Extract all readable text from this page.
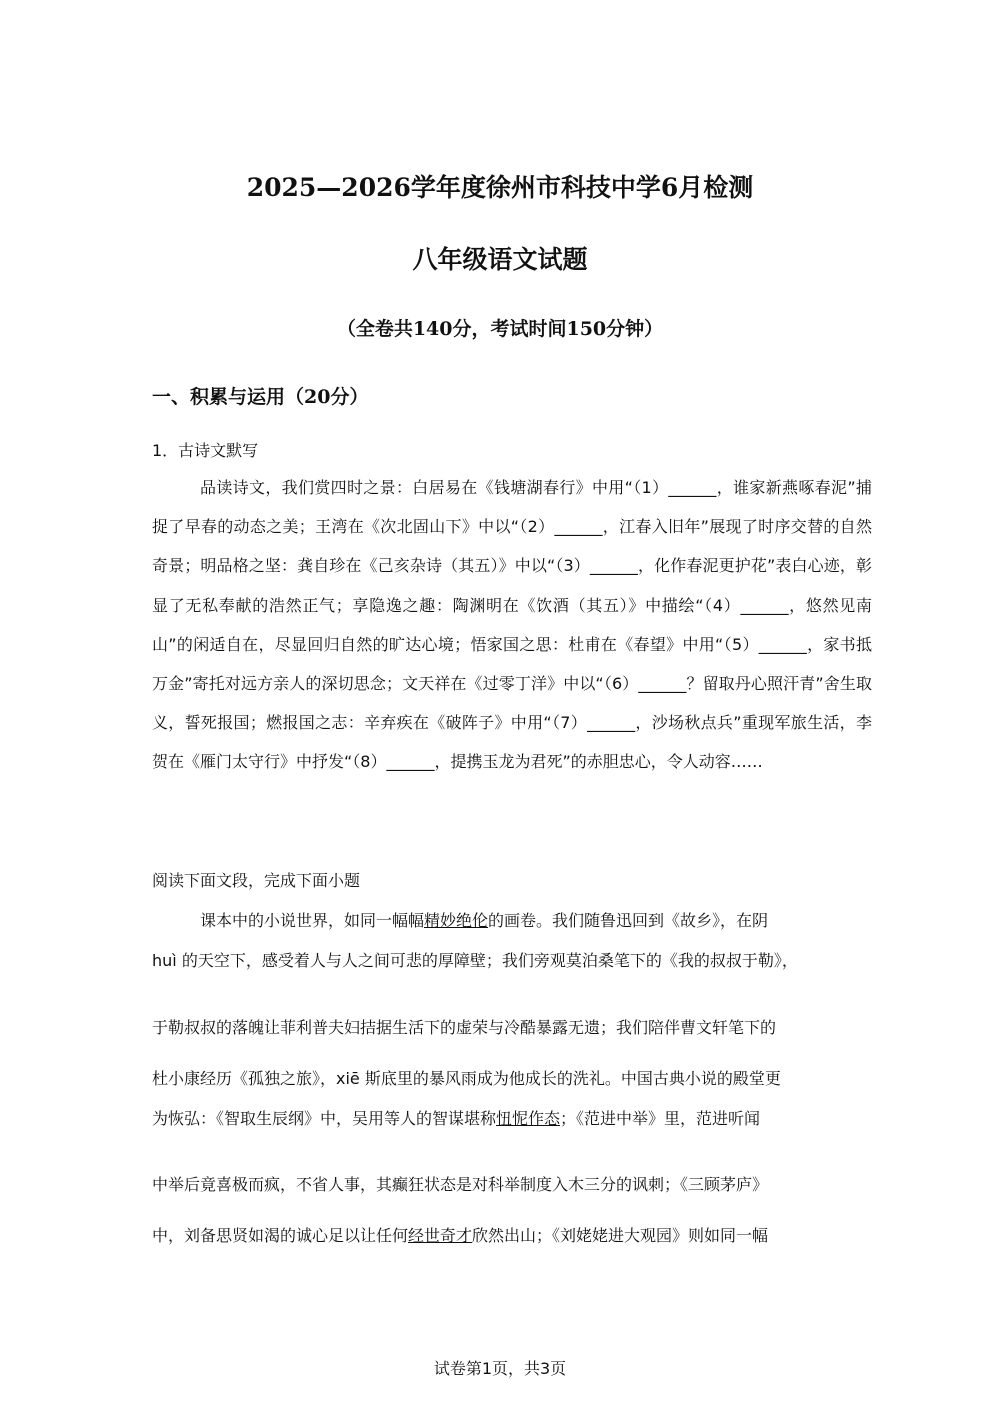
2025—2026学年度徐州市科技中学6月检测
八年级语文试题
（全卷共140分，考试时间150分钟）
一、积累与运用（20分）
1．古诗文默写

品读诗文，我们赏四时之景：白居易在《钱塘湖春行》中用“（1）______，谁家新燕啄春泥”捕捉了早春的动态之美；王湾在《次北固山下》中以“（2）______，江春入旧年”展现了时序交替的自然奇景；明品格之坚：龚自珍在《己亥杂诗（其五）》中以“（3）______，化作春泥更护花”表白心迹，彰显了无私奉献的浩然正气；享隐逸之趣：陶渊明在《饮酒（其五）》中描绘“（4）______，悠然见南山”的闲适自在，尽显回归自然的旷达心境；悟家国之思：杜甫在《春望》中用“（5）______，家书抵万金”寄托对远方亲人的深切思念；文天祥在《过零丁洋》中以“（6）______？留取丹心照汗青”舍生取义，誓死报国；燃报国之志：辛弃疾在《破阵子》中用“（7）______，沙场秋点兵”重现军旅生活，李贺在《雁门太守行》中抒发“（8）______，提携玉龙为君死”的赤胆忠心，令人动容……

阅读下面文段，完成下面小题
课本中的小说世界，如同一幅幅精妙绝伦的画卷。我们随鲁迅回到《故乡》，在阴
huì 的天空下，感受着人与人之间可悲的厚障壁；我们旁观莫泊桑笔下的《我的叔叔于勒》，
于勒叔叔的落魄让菲利普夫妇拮据生活下的虚荣与冷酷暴露无遗；我们陪伴曹文轩笔下的
杜小康经历《孤独之旅》，xiē 斯底里的暴风雨成为他成长的洗礼。中国古典小说的殿堂更
为恢弘：《智取生辰纲》中，吴用等人的智谋堪称忸怩作态；《范进中举》里，范进听闻
中举后竟喜极而疯，不省人事，其癫狂状态是对科举制度入木三分的讽刺；《三顾茅庐》
中，刘备思贤如渴的诚心足以让任何经世奇才欣然出山；《刘姥姥进大观园》则如同一幅
试卷第1页，共3页
